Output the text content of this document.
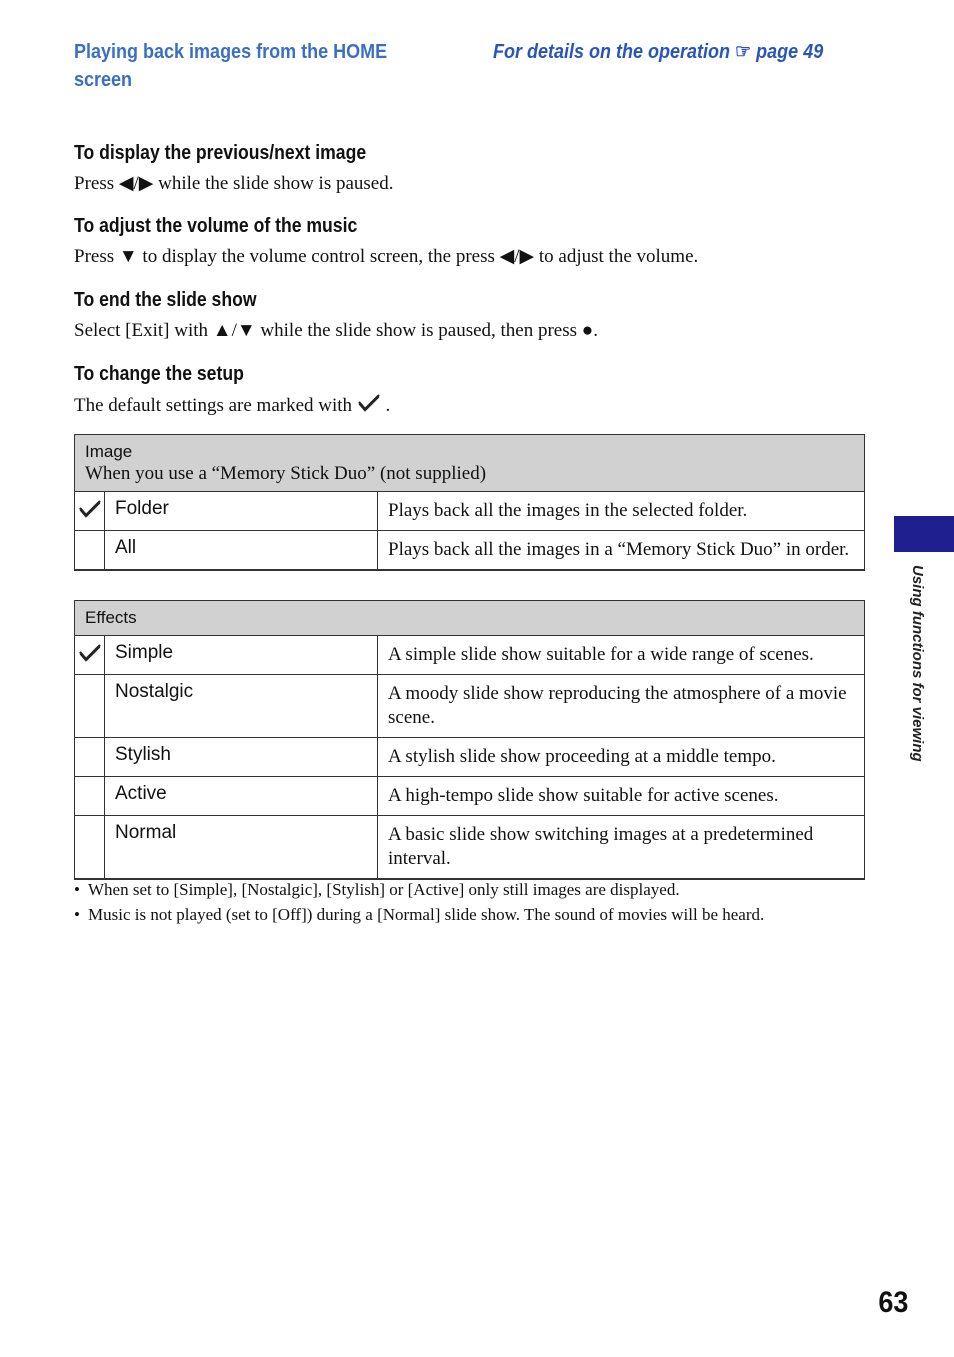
Playing back images from the HOME screen
For details on the operation ☞ page 49
To display the previous/next image

Press ◀/▶ while the slide show is paused.

To adjust the volume of the music

Press ▼ to display the volume control screen, the press ◀/▶ to adjust the volume.

To end the slide show

Select [Exit] with ▲/▼ while the slide show is paused, then press ●.

To change the setup

The default settings are marked with .

Image
When you use a “Memory Stick Duo” (not supplied)		

	Folder	Plays back all the images in the selected folder.
	All	Plays back all the images in a “Memory Stick Duo” in order.
Effects		

	Simple	A simple slide show suitable for a wide range of scenes.
	Nostalgic	A moody slide show reproducing the atmosphere of a movie scene.
	Stylish	A stylish slide show proceeding at a middle tempo.
	Active	A high-tempo slide show suitable for active scenes.
	Normal	A basic slide show switching images at a predetermined interval.
• When set to [Simple], [Nostalgic], [Stylish] or [Active] only still images are displayed.
• Music is not played (set to [Off]) during a [Normal] slide show. The sound of movies will be heard.
Using functions for viewing
63
